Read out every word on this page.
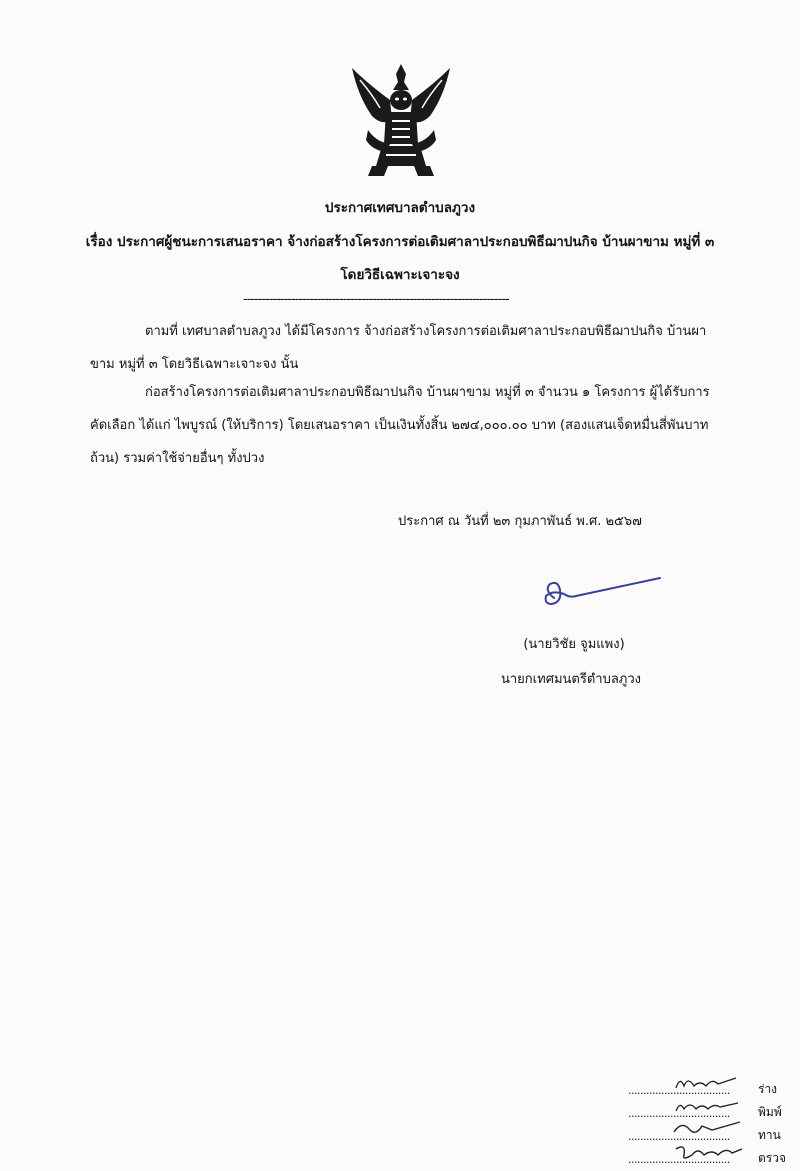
ประกาศเทศบาลตำบลภูวง
เรื่อง ประกาศผู้ชนะการเสนอราคา จ้างก่อสร้างโครงการต่อเติมศาลาประกอบพิธีฌาปนกิจ บ้านผาขาม หมู่ที่ ๓
โดยวิธีเฉพาะเจาะจง
------------------------------------------------------------------------
ตามที่ เทศบาลตำบลภูวง ได้มีโครงการ จ้างก่อสร้างโครงการต่อเติมศาลาประกอบพิธีฌาปนกิจ บ้านผา
ขาม หมู่ที่ ๓ โดยวิธีเฉพาะเจาะจง นั้น
ก่อสร้างโครงการต่อเติมศาลาประกอบพิธีฌาปนกิจ บ้านผาขาม หมู่ที่ ๓ จำนวน ๑ โครงการ ผู้ได้รับการ
คัดเลือก ได้แก่ ไพบูรณ์ (ให้บริการ) โดยเสนอราคา เป็นเงินทั้งสิ้น ๒๗๔,๐๐๐.๐๐ บาท (สองแสนเจ็ดหมื่นสี่พันบาท
ถ้วน) รวมค่าใช้จ่ายอื่นๆ ทั้งปวง
ประกาศ ณ วันที่ ๒๓ กุมภาพันธ์ พ.ศ. ๒๕๖๗
(นายวิชัย จูมแพง)
นายกเทศมนตรีตำบลภูวง
..................................	ร่าง
..................................	พิมพ์
..................................	ทาน
..................................	ตรวจ
